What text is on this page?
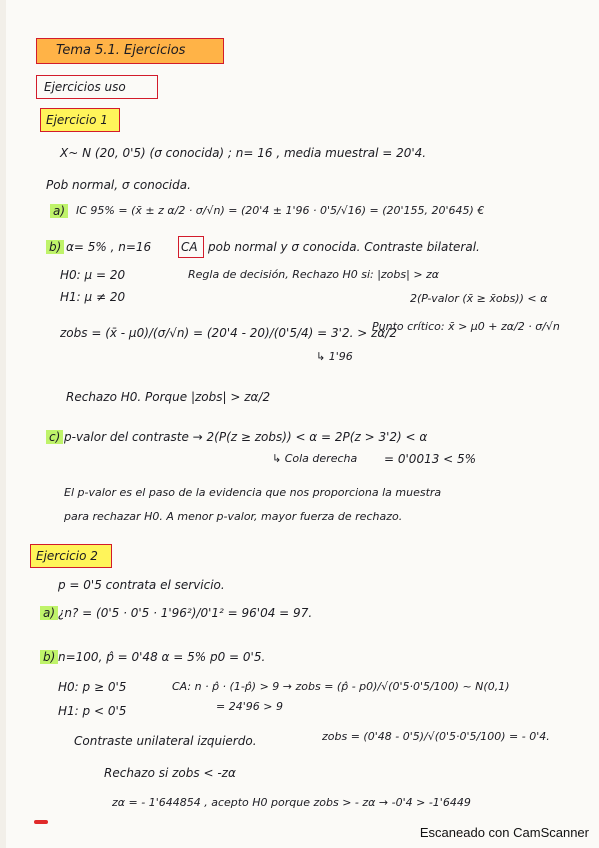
Tema 5.1. Ejercicios
Ejercicios uso
Ejercicio 1
X~ N (20, 0'5) (σ conocida) ; n= 16 , media muestral = 20'4.
Pob normal, σ conocida.
a) IC 95% = (x̄ ± z α/2 · σ/√n) = (20'4 ± 1'96 · 0'5/√16) = (20'155, 20'645) €
b) α= 5% , n=16 CA pob normal y σ conocida. Contraste bilateral.
H0: μ = 20	Regla de decisión, Rechazo H0 si: |zobs| > zα
H1: μ ≠ 20	2(P-valor (x̄ ≥ x̄obs)) < α
zobs = (x̄ - μ0)/(σ/√n) = (20'4 - 20)/(0'5/4) = 3'2. > zα/2
Punto crítico: x̄ > μ0 + zα/2 · σ/√n
↳ 1'96
Rechazo H0. Porque |zobs| > zα/2
c) p-valor del contraste → 2(P(z ≥ zobs)) < α = 2P(z > 3'2) < α
↳ Cola derecha = 0'0013 < 5%
El p-valor es el paso de la evidencia que nos proporciona la muestra
para rechazar H0. A menor p-valor, mayor fuerza de rechazo.
Ejercicio 2
p = 0'5 contrata el servicio.
a) ¿n? = (0'5 · 0'5 · 1'96²)/0'1² = 96'04 = 97.
b) n=100, p̂ = 0'48 α = 5% p0 = 0'5.
H0: p ≥ 0'5	CA: n · p̂ · (1-p̂) > 9 → zobs = (p̂ - p0)/√(0'5·0'5/100) ~ N(0,1)
H1: p < 0'5	= 24'96 > 9
Contraste unilateral izquierdo.	zobs = (0'48 - 0'5)/√(0'5·0'5/100) = - 0'4.
Rechazo si zobs < -zα
zα = - 1'644854 , acepto H0 porque zobs > - zα → -0'4 > -1'6449
Escaneado con CamScanner
